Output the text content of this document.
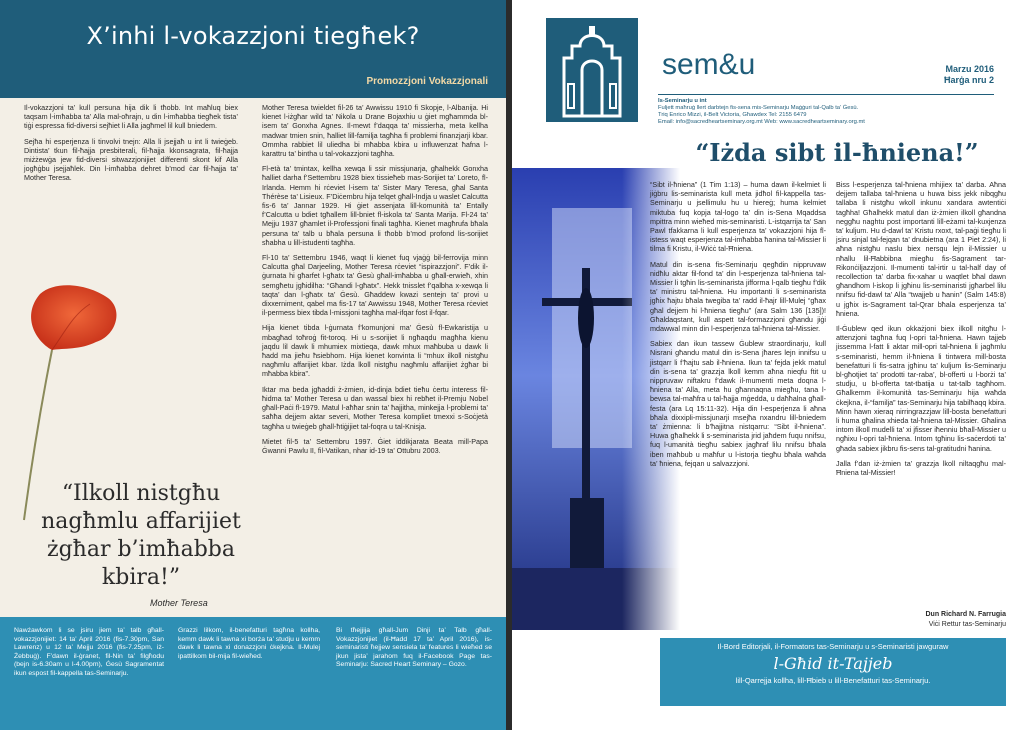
X’inhi l-vokazzjoni tiegħek?
Promozzjoni Vokazzjonali

Il-vokazzjoni ta’ kull persuna hija dik li tħobb. Int maħluq biex taqsam l-imħabba ta’ Alla mal-oħrajn, u din l-imħabba tiegħek tista’ tiġi espressa fid-diversi sejħiet li Alla jagħmel lil kull bniedem.

Sejħa hi esperjenza li tinvolvi tnejn: Alla li jsejjaħ u int li twieġeb. Dintista’ tkun fil-ħajja presbiterali, fil-ħajja kkonsagrata, fil-ħajja miżżewġa jew fid-diversi sitwazzjonijiet differenti skont kif Alla jogħġbu jsejjaħlek. Din l-imħabba dehret b’mod ċar fil-ħajja ta’ Mother Teresa.

Mother Teresa twieldet fil-26 ta’ Awwissu 1910 fi Skopje, l-Albanija. Hi kienet l-iżgħar wild ta’ Nikola u Drane Bojaxhiu u ġiet mgħammda bl-isem ta’ Gonxha Agnes. Il-mewt f’daqqa ta’ missierha, meta kellha madwar tmien snin, ħalliet lill-familja tagħha fi problemi finanzjarji kbar. Ommha rabbiet lil uliedha bi mħabba kbira u influwenzat ħafna l-karattru ta’ bintha u tal-vokazzjoni tagħha.

Fl-età ta’ tmintax, kellha xewqa li ssir missjunarja, għalhekk Gonxha ħalliet darha f’Settembru 1928 biex tissieħeb mas-Sorijiet ta’ Loreto, fl-Irlanda. Hemm hi rċeviet l-isem ta’ Sister Mary Teresa, għal Santa Thérèse ta’ Lisieux. F’Diċembru hija telqet għall-Indja u waslet Calcutta fis-6 ta’ Jannar 1929. Hi ġiet assenjata lill-komunità ta’ Entally f’Calcutta u bdiet tgħallem lill-bniet fl-iskola ta’ Santa Marija. Fl-24 ta’ Mejju 1937 għamlet il-Professjoni finali tagħha. Kienet magħrufa bħala persuna ta’ talb u bħala persuna li tħobb b’mod profond lis-sorijiet sħabha u lill-istudenti tagħha.

Fl-10 ta’ Settembru 1946, waqt li kienet fuq vjaġġ bil-ferrovija minn Calcutta għal Darjeeling, Mother Teresa rċeviet “ispirazzjoni”. F’dik il-ġurnata hi għarfet l-għatx ta’ Ġesù għall-imħabba u għall-erwieħ, xhin semgħetu jgħidilha: “Għandi l-għatx”. Hekk tnisslet f’qalbha x-xewqa li taqta’ dan l-għatx ta’ Ġesù. Għaddew kwazi sentejn ta’ provi u dixxerniment, qabel ma fis-17 ta’ Awwissu 1948, Mother Teresa rċeviet il-permess biex tibda l-missjoni tagħha mal-ifqar fost il-fqar.

Hija kienet tibda l-ġurnata f’komunjoni ma’ Ġesù fl-Ewkaristija u mbagħad toħroġ fit-toroq. Hi u s-sorijiet li ngħaqdu magħha kienu jaqdu lil dawk li mhumiex mixtieqa, dawk mhux maħbuba u dawk li ħadd ma jieħu ħsiebhom. Hija kienet konvinta li “mhux ilkoll nistgħu nagħmlu affarijiet kbar. Iżda lkoll nistgħu nagħmlu affarijiet żgħar bi mħabba kbira”.

Iktar ma beda jgħaddi ż-żmien, id-dinja bdiet tieħu ċertu interess fil-ħidma ta’ Mother Teresa u dan wassal biex hi rebħet il-Premju Nobel għall-Paċi fl-1979. Matul l-aħħar snin ta’ ħajjitha, minkejja l-problemi ta’ saħħa dejjem aktar severi, Mother Teresa kompliet tmexxi s-Soċjetà tagħha u twieġeb għall-ħtiġijiet tal-foqra u tal-Knisja.

Mietet fil-5 ta’ Settembru 1997. Ġiet iddikjarata Beata mill-Papa Ġwanni Pawlu II, fil-Vatikan, nhar id-19 ta’ Ottubru 2003.

“Ilkoll nistgħu nagħmlu affarijiet żgħar b’imħabba kbira!”
Mother Teresa
Nawżawkom li se jsiru jiem ta’ talb għall-vokazzjonijiet: 14 ta’ April 2016 (fis-7.30pm, San Lawrenz) u 12 ta’ Mejju 2016 (fis-7.25pm, iż-Żebbuġ). F’dawn il-ġranet, fil-Nin ta’ filgħodu (bejn is-6.30am u l-4.00pm), Ġesù Sagramentat ikun espost fil-kappella tas-Seminarju.
Grazzi lilkom, il-benefatturi tagħna kollha, kemm dawk li tawna xi borża ta’ studju u kemm dawk li tawna xi donazzjoni ċkejkna. Il-Mulej ipattilkom bil-mija fil-wieħed.
Bi tħejjija għall-Jum Dinji ta’ Talb għall-Vokazzjonijiet (il-Ħadd 17 ta’ April 2016), is-seminaristi ħejjew sensiela ta’ features li wieħed se jkun jista’ jarahom fuq il-Facebook Page tas-Seminarju: Sacred Heart Seminary – Gozo.
sem&u	Marzu 2016
Ħarġa nru 2
Is-Seminarju u int
Fuljett maħruġ llert darbtejn fis-sena mis-Seminarju Maġġuri tal-Qalb ta’ Ġesù.
Triq Enrico Mizzi, il-Belt Victoria, Għawdex Tel: 2155 6479
Email: info@sacredheartseminary.org.mt Web: www.sacredheartseminary.org.mt
“Iżda sibt il-ħniena!”

“Sibt il-ħniena” (1 Tim 1:13) – huma dawn il-kelmiet li jiġbru lis-seminarista kull meta jidħol fil-kappella tas-Seminarju u jsellimulu hu u hiereġ; huma kelmiet miktuba fuq kopja tal-logo ta’ din is-Sena Mqaddsa mpittra minn wieħed mis-seminaristi. L-istqarrija ta’ San Pawl tfakkarna li kull esperjenza ta’ vokazzjoni hija fl-istess waqt esperjenza tal-imħabba ħanina tal-Missier li tilma fi Kristu, il-Wiċċ tal-Ħniena.

Matul din is-sena fis-Seminarju qegħdin nippruvaw nidħlu aktar fil-fond ta’ din l-esperjenza tal-ħniena tal-Missier li tgħin lis-seminarista jifforma l-qalb tiegħu f’dik ta’ ministru tal-ħniena. Hu importanti li s-seminarista jgħix ħajtu bħala twegiba ta’ radd il-ħajr lill-Mulej “għax għal dejjem hi l-ħniena tiegħu” (ara Salm 136 [135])! Għaldaqstant, kull aspett tal-formazzjoni għandu jiġi mdawwal minn din l-esperjenza tal-ħniena tal-Missier.

Sabiex dan ikun tassew Ġublew straordinarju, kull Nisrani għandu matul din is-Sena jħares lejn innifsu u jistqarr li f’ħajtu sab il-ħniena. Ikun ta’ fejda jekk matul din is-sena ta’ grazzja lkoll kemm aħna nieqfu ftit u nippruvaw niftakru f’dawk il-mumenti meta doqna l-ħniena ta’ Alla, meta hu għannaqna miegħu, tana l-bewsa tal-maħfra u tal-ħajja mġedda, u daħħalna għall-festa (ara Lq 15:11-32). Hija din l-esperjenza li aħna bħala dixxipli-missjunarji msejħa nxandru lill-bniedem ta’ żmienna: li b’ħajjitna nistqarru: “Sibt il-ħniena”. Huwa għalhekk li s-seminarista jrid jaħdem fuqu nnifsu, fuq l-umanità tiegħu sabiex jagħraf lilu nnifsu bħala iben maħbub u maħfur u l-istorja tiegħu bħala waħda ta’ ħniena, fejqan u salvazzjoni.

Biss l-esperjenza tal-ħniena mhijiex ta’ darba. Aħna dejjem tallaba tal-ħniena u huwa biss jekk nibqgħu tallaba li nistgħu wkoll inkunu xandara awtentiċi tagħha! Għalhekk matul dan iż-żmien ilkoll għandna neggħu naghtu post importanti lill-eżami tal-kuxjenza ta’ kuljum. Hu d-dawl ta’ Kristu rxoxt, tal-paġi tiegħu li jsiru sinjal tal-fejqan ta’ dnubietna (ara 1 Piet 2:24), li aħna nistgħu naslu biex nersqu lejn il-Missier u nħallu lil-Ħabbibna miegħu fis-Sagrament tar-Rikonċiljazzjoni. Il-mumenti tal-irtir u tal-half day of recollection ta’ darba fix-xahar u waqtlet bħal dawn għandhom l-iskop li jgħinu lis-seminaristi jgħarbel lilu nnifsu fid-dawl ta’ Alla “twajjeb u ħanin” (Salm 145:8) u jgħix is-Sagrament tal-Qrar bħala esperjenza ta’ ħniena.

Il-Ġublew qed ikun okkażjoni biex ilkoll nitgħu l-attenzjoni tagħna fuq l-opri tal-ħniena. Hawn tajjeb jissemma l-fatt li aktar mill-opri tal-ħniena li jagħmlu s-seminaristi, hemm il-ħniena li tintwera mill-bosta benefatturi li fis-satra jgħinu ta’ kuljum lis-Seminarju bl-għotjiet ta’ prodotti tar-raba’, bl-offerti u l-borżi ta’ studju, u bl-offerta tat-tbatija u tat-talb tagħhom. Għalkemm il-komunità tas-Seminarju hija waħda ċkejkna, il-“familja” tas-Seminarju hija tabilħaqq kbira. Minn hawn xieraq nirringrazzjaw lill-bosta benefatturi li huma għalina xhieda tal-ħniena tal-Missier. Għalina intom ilkoll mudelli ta’ xi jfisser iħenniu bħall-Missier u ngħixu l-opri tal-ħniena. Intom tgħinu lis-saċerdoti ta’ għada sabiex jikbru fis-sens tal-gratitudni ħanina.

Jalla f’dan iż-żmien ta’ grazzja lkoll niltaqgħu mal-Ħniena tal-Missier!

Dun Richard N. Farrugia
Viċi Rettur tas-Seminarju
Il-Bord Editorjali, il-Formators tas-Seminarju u s-Seminaristi jawguraw
l-Għid it-Tajjeb
lill-Qarrejja kollha, lill-Ħbieb u lill-Benefatturi tas-Seminarju.
